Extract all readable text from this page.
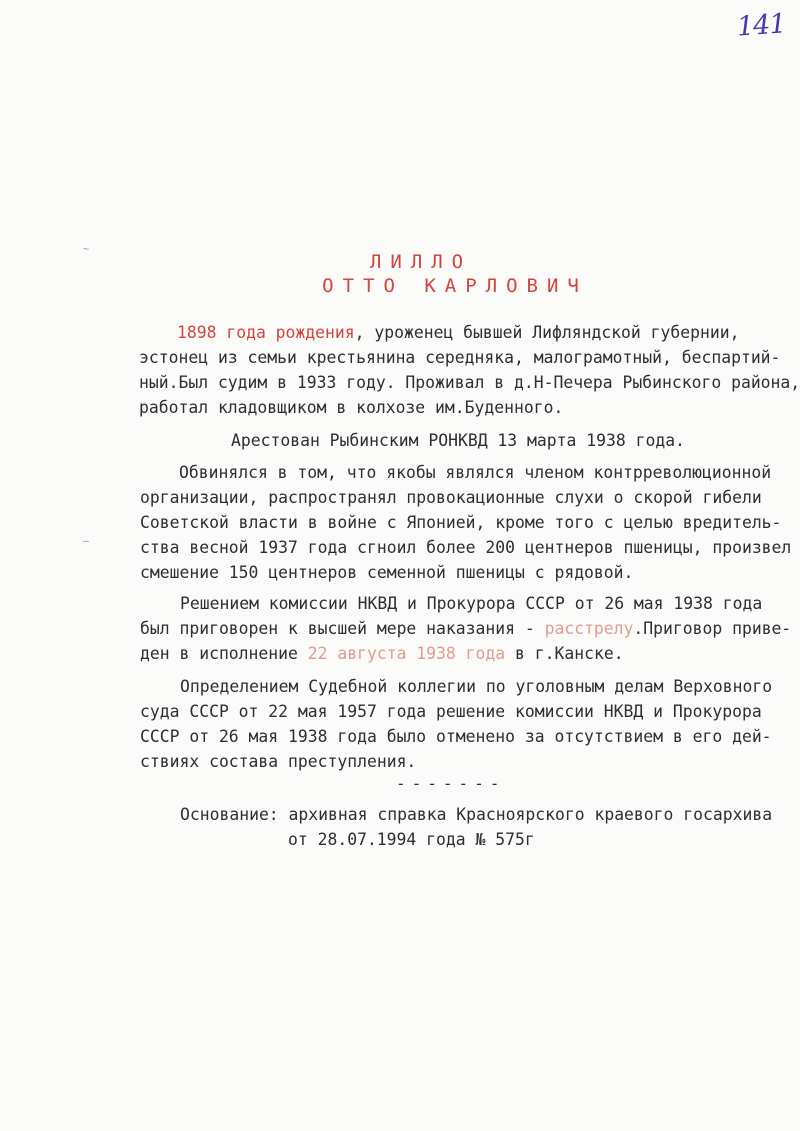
141
~
—
ЛИЛЛО
ОТТО КАРЛОВИЧ
1898 года рождения, уроженец бывшей Лифляндской губернии,
эстонец из семьи крестьянина середняка, малограмотный, беспартий-
ный.Был судим в 1933 году. Проживал в д.Н-Печера Рыбинского района,
работал кладовщиком в колхозе им.Буденного.
Арестован Рыбинским РОНКВД 13 марта 1938 года.
Обвинялся в том, что якобы являлся членом контрреволюционной
организации, распространял провокационные слухи о скорой гибели
Советской власти в войне с Японией, кроме того с целью вредитель-
ства весной 1937 года сгноил более 200 центнеров пшеницы, произвел
смешение 150 центнеров семенной пшеницы с рядовой.
Решением комиссии НКВД и Прокурора СССР от 26 мая 1938 года
был приговорен к высшей мере наказания - расстрелу.Приговор приве-
ден в исполнение 22 августа 1938 года в г.Канске.
Определением Судебной коллегии по уголовным делам Верховного
суда СССР от 22 мая 1957 года решение комиссии НКВД и Прокурора
СССР от 26 мая 1938 года было отменено за отсутствием в его дей-
ствиях состава преступления.
-------
Основание: архивная справка Красноярского краевого госархива
от 28.07.1994 года № 575г
